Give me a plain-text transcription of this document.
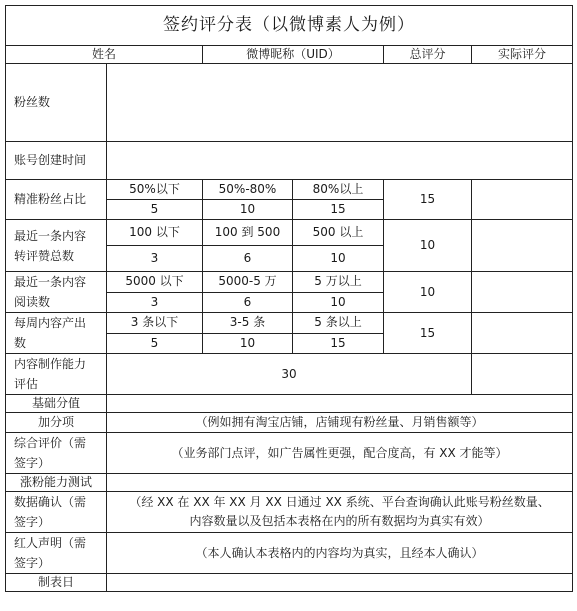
签约评分表（以微博素人为例）					
姓名		微博昵称（UID）		总评分	实际评分
粉丝数					
账号创建时间					
精准粉丝占比	50%以下	50%-80%	80%以上	15	
	5	10	15		
最近一条内容
转评赞总数	100 以下	100 到 500	500 以上	10	
	3	6	10		
最近一条内容
阅读数	5000 以下	5000-5 万	5 万以上	10	
	3	6	10		
每周内容产出
数	3 条以下	3-5 条	5 条以上	15	
	5	10	15		
内容制作能力
评估	30				
基础分值					
加分项	（例如拥有淘宝店铺，店铺现有粉丝量、月销售额等）				
综合评价（需
签字）	（业务部门点评，如广告属性更强，配合度高，有 XX 才能等）				
涨粉能力测试					
数据确认（需
签字）	（经 XX 在 XX 年 XX 月 XX 日通过 XX 系统、平台查询确认此账号粉丝数量、
内容数量以及包括本表格在内的所有数据均为真实有效）				
红人声明（需
签字）	（本人确认本表格内的内容均为真实，且经本人确认）				
制表日					
